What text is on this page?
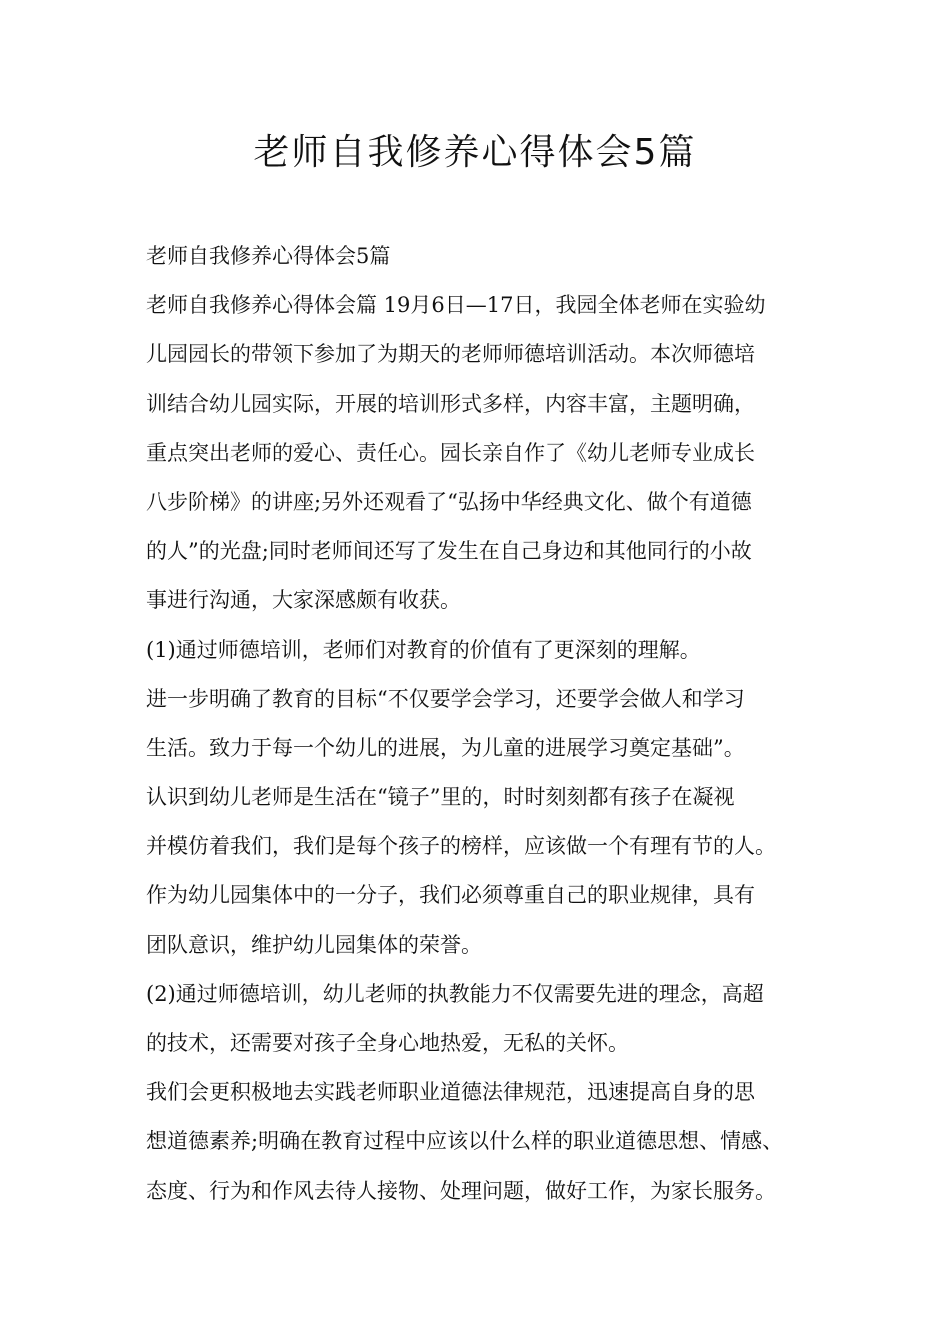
老师自我修养心得体会5篇
老师自我修养心得体会5篇
老师自我修养心得体会篇 19月6日—17日，我园全体老师在实验幼
儿园园长的带领下参加了为期天的老师师德培训活动。本次师德培
训结合幼儿园实际，开展的培训形式多样，内容丰富，主题明确，
重点突出老师的爱心、责任心。园长亲自作了《幼儿老师专业成长
八步阶梯》的讲座;另外还观看了“弘扬中华经典文化、做个有道德
的人”的光盘;同时老师间还写了发生在自己身边和其他同行的小故
事进行沟通，大家深感颇有收获。
(1)通过师德培训，老师们对教育的价值有了更深刻的理解。
进一步明确了教育的目标“不仅要学会学习，还要学会做人和学习
生活。致力于每一个幼儿的进展，为儿童的进展学习奠定基础”。
认识到幼儿老师是生活在“镜子”里的，时时刻刻都有孩子在凝视
并模仿着我们，我们是每个孩子的榜样，应该做一个有理有节的人。
作为幼儿园集体中的一分子，我们必须尊重自己的职业规律，具有
团队意识，维护幼儿园集体的荣誉。
(2)通过师德培训，幼儿老师的执教能力不仅需要先进的理念，高超
的技术，还需要对孩子全身心地热爱，无私的关怀。
我们会更积极地去实践老师职业道德法律规范，迅速提高自身的思
想道德素养;明确在教育过程中应该以什么样的职业道德思想、情感、
态度、行为和作风去待人接物、处理问题，做好工作，为家长服务。
